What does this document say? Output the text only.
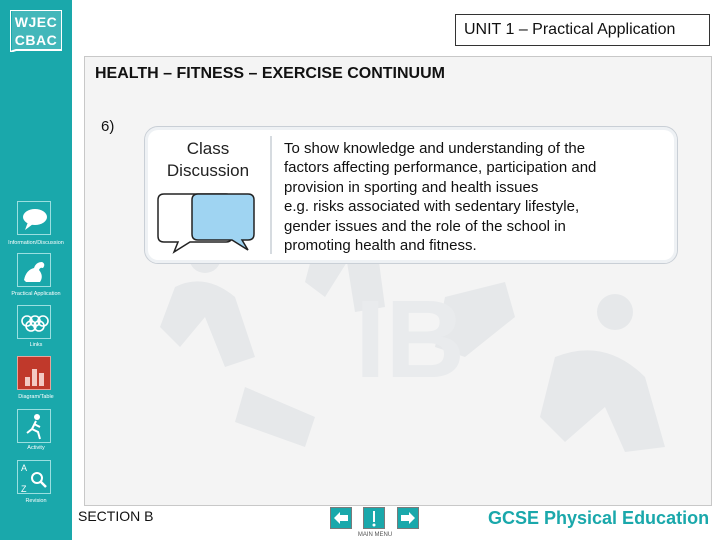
WJEC
CBAC
Information/Discussion
Practical Application
Links
Diagram/Table
Activity
A
Z
Revision
UNIT 1 – Practical Application
IB
HEALTH – FITNESS – EXERCISE CONTINUUM
6)
Class
Discussion
To show knowledge and understanding of the
factors affecting performance, participation and
provision in sporting and health issues
e.g. risks associated with sedentary lifestyle,
gender issues and the role of the school in
promoting health and fitness.
SECTION B
MAIN MENU
GCSE Physical Education
